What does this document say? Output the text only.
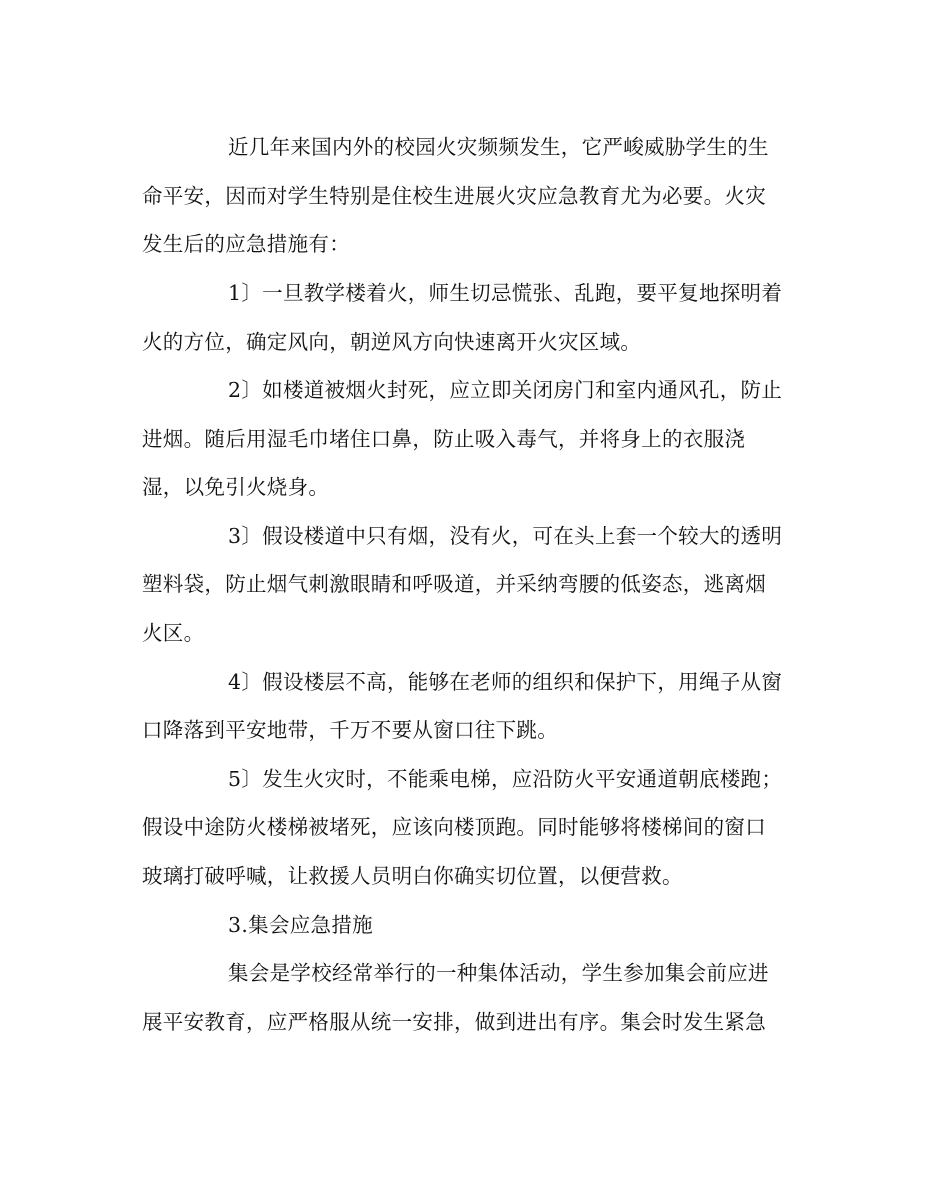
近几年来国内外的校园火灾频频发生，它严峻威胁学生的生
命平安，因而对学生特别是住校生进展火灾应急教育尤为必要。火灾
发生后的应急措施有：
1〕一旦教学楼着火，师生切忌慌张、乱跑，要平复地探明着
火的方位，确定风向，朝逆风方向快速离开火灾区域。
2〕如楼道被烟火封死，应立即关闭房门和室内通风孔，防止
进烟。随后用湿毛巾堵住口鼻，防止吸入毒气，并将身上的衣服浇
湿，以免引火烧身。
3〕假设楼道中只有烟，没有火，可在头上套一个较大的透明
塑料袋，防止烟气刺激眼睛和呼吸道，并采纳弯腰的低姿态，逃离烟
火区。
4〕假设楼层不高，能够在老师的组织和保护下，用绳子从窗
口降落到平安地带，千万不要从窗口往下跳。
5〕发生火灾时，不能乘电梯，应沿防火平安通道朝底楼跑；
假设中途防火楼梯被堵死，应该向楼顶跑。同时能够将楼梯间的窗口
玻璃打破呼喊，让救援人员明白你确实切位置，以便营救。
3.集会应急措施
集会是学校经常举行的一种集体活动，学生参加集会前应进
展平安教育，应严格服从统一安排，做到进出有序。集会时发生紧急
